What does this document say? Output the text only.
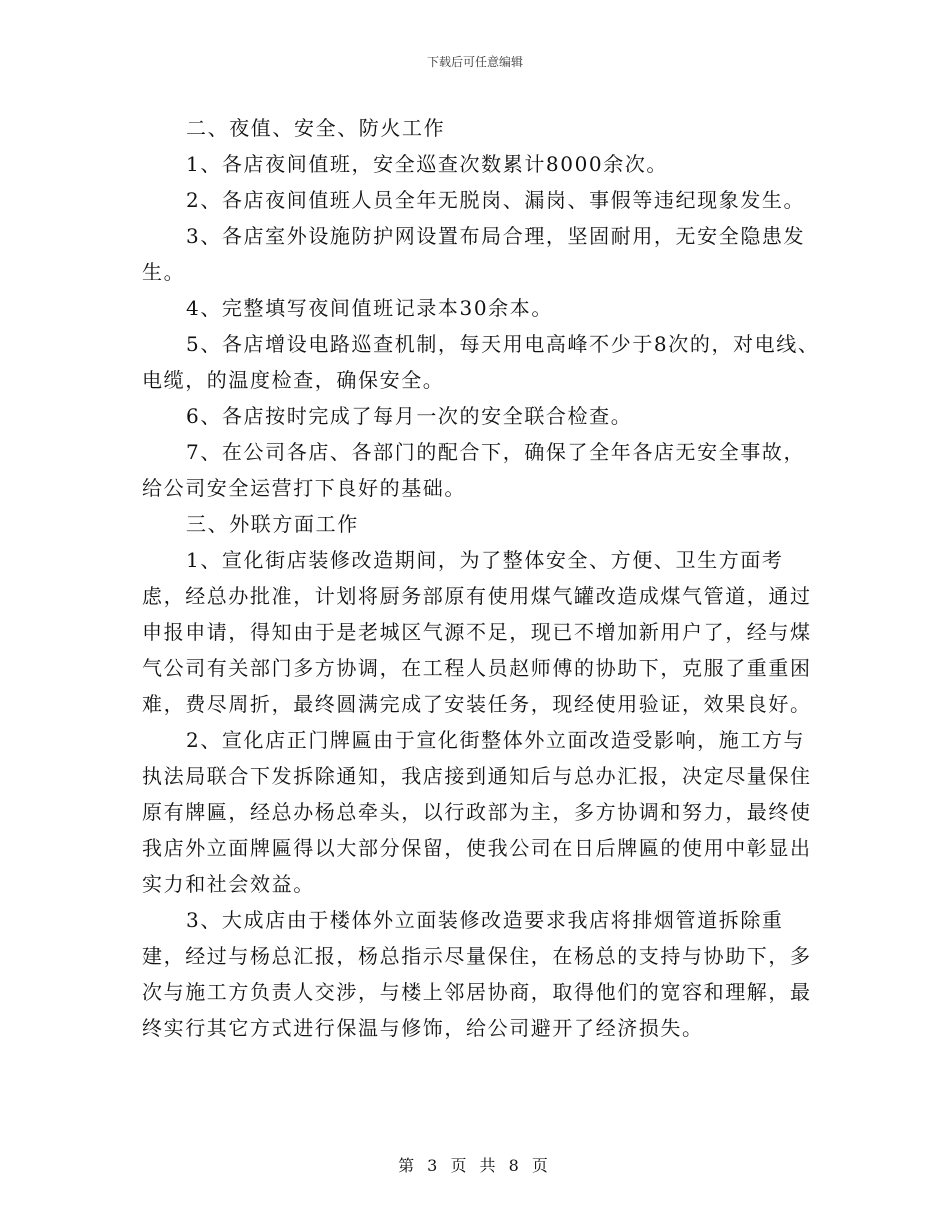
下载后可任意编辑

二、夜值、安全、防火工作

1、各店夜间值班，安全巡查次数累计8000余次。

2、各店夜间值班人员全年无脱岗、漏岗、事假等违纪现象发生。

3、各店室外设施防护网设置布局合理，坚固耐用，无安全隐患发生。

4、完整填写夜间值班记录本30余本。

5、各店增设电路巡查机制，每天用电高峰不少于8次的，对电线、电缆，的温度检查，确保安全。

6、各店按时完成了每月一次的安全联合检查。

7、在公司各店、各部门的配合下，确保了全年各店无安全事故，给公司安全运营打下良好的基础。

三、外联方面工作

1、宣化街店装修改造期间，为了整体安全、方便、卫生方面考虑，经总办批准，计划将厨务部原有使用煤气罐改造成煤气管道，通过申报申请，得知由于是老城区气源不足，现已不增加新用户了，经与煤气公司有关部门多方协调，在工程人员赵师傅的协助下，克服了重重困难，费尽周折，最终圆满完成了安装任务，现经使用验证，效果良好。

2、宣化店正门牌匾由于宣化街整体外立面改造受影响，施工方与执法局联合下发拆除通知，我店接到通知后与总办汇报，决定尽量保住原有牌匾，经总办杨总牵头，以行政部为主，多方协调和努力，最终使我店外立面牌匾得以大部分保留，使我公司在日后牌匾的使用中彰显出实力和社会效益。

3、大成店由于楼体外立面装修改造要求我店将排烟管道拆除重建，经过与杨总汇报，杨总指示尽量保住，在杨总的支持与协助下，多次与施工方负责人交涉，与楼上邻居协商，取得他们的宽容和理解，最终实行其它方式进行保温与修饰，给公司避开了经济损失。

第 3 页 共 8 页
